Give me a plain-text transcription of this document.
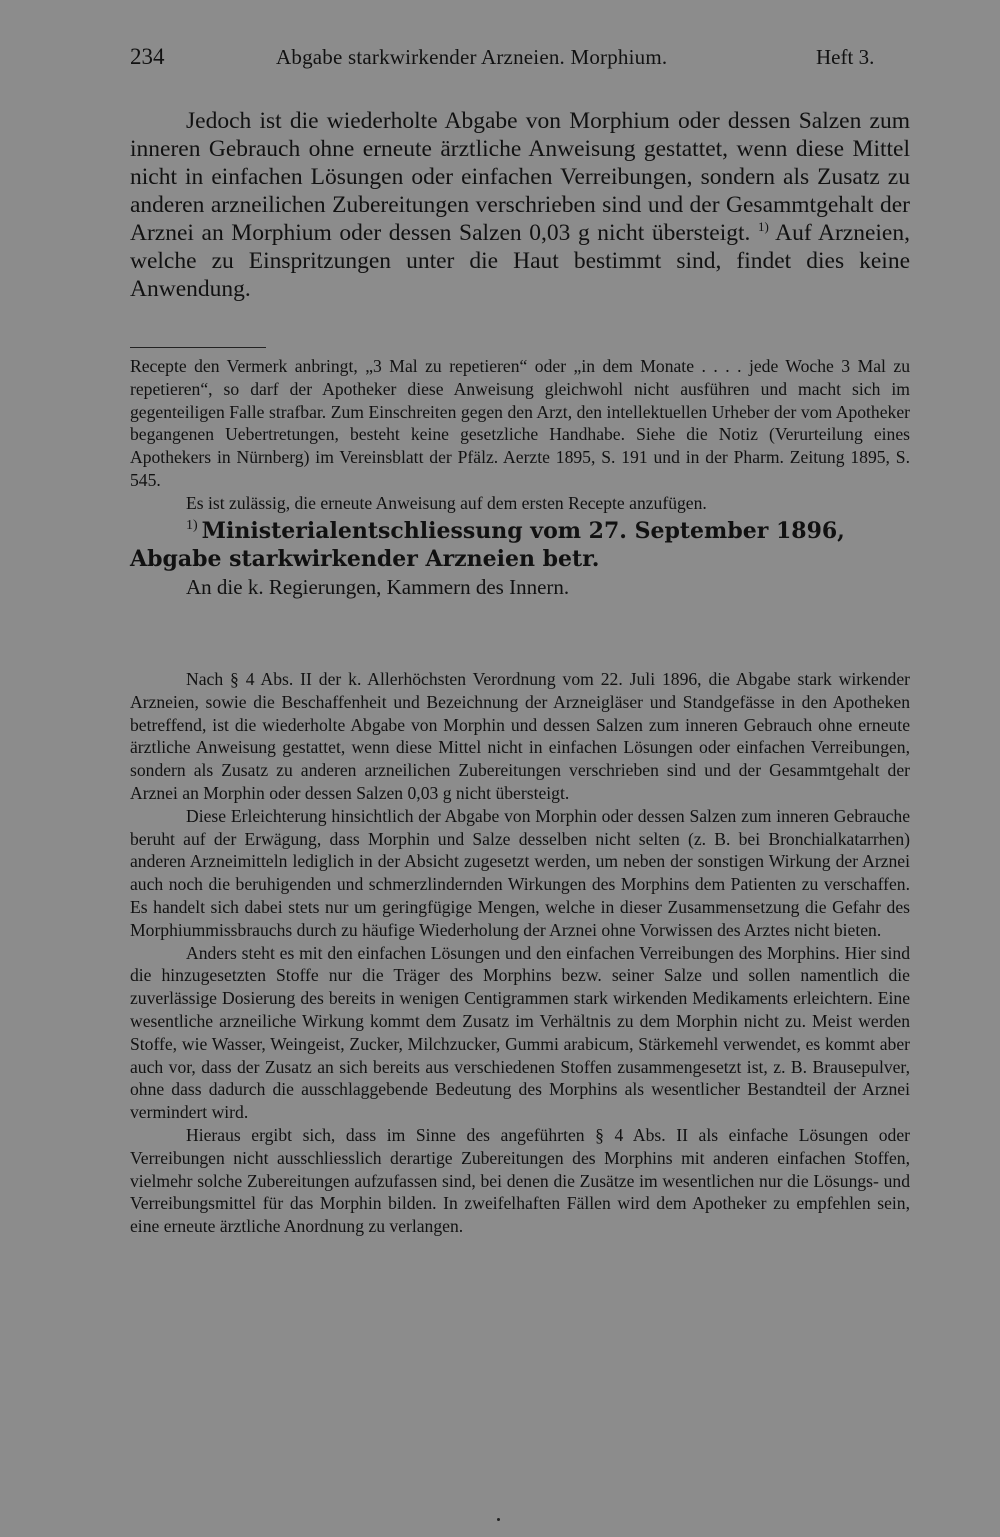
234	Abgabe starkwirkender Arzneien. Morphium.	Heft 3.

Jedoch ist die wiederholte Abgabe von Morphium oder dessen Salzen zum inneren Gebrauch ohne erneute ärztliche Anweisung gestattet, wenn diese Mittel nicht in einfachen Lösungen oder einfachen Verreibungen, sondern als Zusatz zu anderen arzneilichen Zubereitungen verschrieben sind und der Gesammtgehalt der Arznei an Morphium oder dessen Salzen 0,03 g nicht übersteigt. $^{1)}$ Auf Arzneien, welche zu Einspritzungen unter die Haut bestimmt sind, findet dies keine Anwendung.

Recepte den Vermerk anbringt, „3 Mal zu repetieren“ oder „in dem Monate . . . . jede Woche 3 Mal zu repetieren“, so darf der Apotheker diese Anweisung gleichwohl nicht ausführen und macht sich im gegenteiligen Falle strafbar. Zum Einschreiten gegen den Arzt, den intellektuellen Urheber der vom Apotheker begangenen Uebertretungen, besteht keine gesetzliche Handhabe. Siehe die Notiz (Verurteilung eines Apothekers in Nürnberg) im Vereinsblatt der Pfälz. Aerzte 1895, S. 191 und in der Pharm. Zeitung 1895, S. 545.

Es ist zulässig, die erneute Anweisung auf dem ersten Recepte anzufügen.

$^{1)}$ Ministerialentschliessung vom 27. September 1896,
Abgabe starkwirkender Arzneien betr.

An die k. Regierungen, Kammern des Innern.

Nach § 4 Abs. II der k. Allerhöchsten Verordnung vom 22. Juli 1896, die Abgabe stark wirkender Arzneien, sowie die Beschaffenheit und Bezeichnung der Arzneigläser und Standgefässe in den Apotheken betreffend, ist die wiederholte Abgabe von Morphin und dessen Salzen zum inneren Gebrauch ohne erneute ärztliche Anweisung gestattet, wenn diese Mittel nicht in einfachen Lösungen oder einfachen Verreibungen, sondern als Zusatz zu anderen arzneilichen Zubereitungen verschrieben sind und der Gesammtgehalt der Arznei an Morphin oder dessen Salzen 0,03 g nicht übersteigt.

Diese Erleichterung hinsichtlich der Abgabe von Morphin oder dessen Salzen zum inneren Gebrauche beruht auf der Erwägung, dass Morphin und Salze desselben nicht selten (z. B. bei Bronchialkatarrhen) anderen Arzneimitteln lediglich in der Absicht zugesetzt werden, um neben der sonstigen Wirkung der Arznei auch noch die beruhigenden und schmerzlindernden Wirkungen des Morphins dem Patienten zu verschaffen. Es handelt sich dabei stets nur um geringfügige Mengen, welche in dieser Zusammensetzung die Gefahr des Morphiummissbrauchs durch zu häufige Wiederholung der Arznei ohne Vorwissen des Arztes nicht bieten.

Anders steht es mit den einfachen Lösungen und den einfachen Verreibungen des Morphins. Hier sind die hinzugesetzten Stoffe nur die Träger des Morphins bezw. seiner Salze und sollen namentlich die zuverlässige Dosierung des bereits in wenigen Centigrammen stark wirkenden Medikaments erleichtern. Eine wesentliche arzneiliche Wirkung kommt dem Zusatz im Verhältnis zu dem Morphin nicht zu. Meist werden Stoffe, wie Wasser, Weingeist, Zucker, Milchzucker, Gummi arabicum, Stärkemehl verwendet, es kommt aber auch vor, dass der Zusatz an sich bereits aus verschiedenen Stoffen zusammengesetzt ist, z. B. Brausepulver, ohne dass dadurch die ausschlaggebende Bedeutung des Morphins als wesentlicher Bestandteil der Arznei vermindert wird.

Hieraus ergibt sich, dass im Sinne des angeführten § 4 Abs. II als einfache Lösungen oder Verreibungen nicht ausschliesslich derartige Zubereitungen des Morphins mit anderen einfachen Stoffen, vielmehr solche Zubereitungen aufzufassen sind, bei denen die Zusätze im wesentlichen nur die Lösungs- und Verreibungsmittel für das Morphin bilden. In zweifelhaften Fällen wird dem Apotheker zu empfehlen sein, eine erneute ärztliche Anordnung zu verlangen.
